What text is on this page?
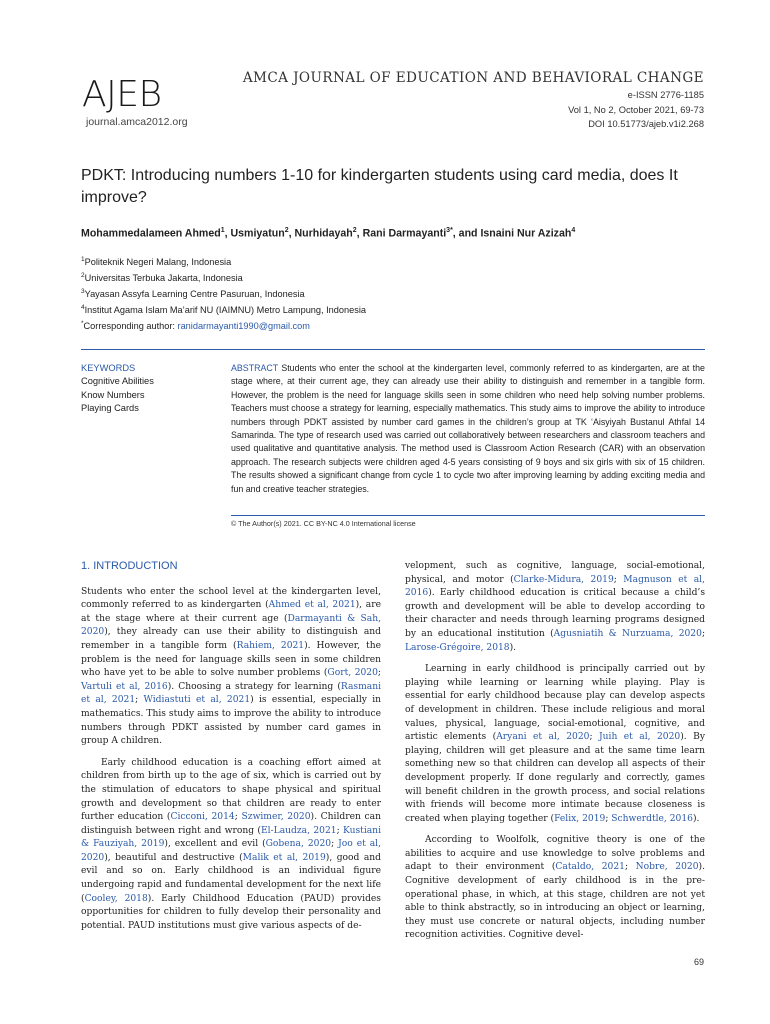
AJEB
journal.amca2012.org
AMCA JOURNAL OF EDUCATION AND BEHAVIORAL CHANGE
e-ISSN 2776-1185
Vol 1, No 2, October 2021, 69-73
DOI 10.51773/ajeb.v1i2.268
PDKT: Introducing numbers 1-10 for kindergarten students using card media, does It improve?
Mohammedalameen Ahmed$^1$, Usmiyatun$^2$, Nurhidayah$^2$, Rani Darmayanti$^{3*}$, and Isnaini Nur Azizah$^4$
$^1$Politeknik Negeri Malang, Indonesia
$^2$Universitas Terbuka Jakarta, Indonesia
$^3$Yayasan Assyfa Learning Centre Pasuruan, Indonesia
$^4$Institut Agama Islam Ma’arif NU (IAIMNU) Metro Lampung, Indonesia
*Corresponding author: ranidarmayanti1990@gmail.com
KEYWORDS
Cognitive Abilities
Know Numbers
Playing Cards
ABSTRACT Students who enter the school at the kindergarten level, commonly referred to as kindergarten, are at the stage where, at their current age, they can already use their ability to distinguish and remember in a tangible form. However, the problem is the need for language skills seen in some children who need help solving number problems. Teachers must choose a strategy for learning, especially mathematics. This study aims to improve the ability to introduce numbers through PDKT assisted by number card games in the children’s group at TK ‘Aisyiyah Bustanul Athfal 14 Samarinda. The type of research used was carried out collaboratively between researchers and classroom teachers and used qualitative and quantitative analysis. The method used is Classroom Action Research (CAR) with an observation approach. The research subjects were children aged 4-5 years consisting of 9 boys and six girls with six of 15 children. The results showed a significant change from cycle 1 to cycle two after improving learning by adding exciting media and fun and creative teacher strategies.
© The Author(s) 2021. CC BY-NC 4.0 International license
1. INTRODUCTION

Students who enter the school level at the kindergarten level, commonly referred to as kindergarten (Ahmed et al, 2021), are at the stage where at their current age (Darmayanti & Sah, 2020), they already can use their ability to distinguish and remember in a tangible form (Rahiem, 2021). However, the problem is the need for language skills seen in some children who have yet to be able to solve number problems (Gort, 2020; Vartuli et al, 2016). Choosing a strategy for learning (Rasmani et al, 2021; Widiastuti et al, 2021) is essential, especially in mathematics. This study aims to improve the ability to introduce numbers through PDKT assisted by number card games in group A children.

Early childhood education is a coaching effort aimed at children from birth up to the age of six, which is carried out by the stimulation of educators to shape physical and spiritual growth and development so that children are ready to enter further education (Cicconi, 2014; Szwimer, 2020). Children can distinguish between right and wrong (El-Laudza, 2021; Kustiani & Fauziyah, 2019), excellent and evil (Gobena, 2020; Joo et al, 2020), beautiful and destructive (Malik et al, 2019), good and evil and so on. Early childhood is an individual figure undergoing rapid and fundamental development for the next life (Cooley, 2018). Early Childhood Education (PAUD) provides opportunities for children to fully develop their personality and potential. PAUD institutions must give various aspects of de-

velopment, such as cognitive, language, social-emotional, physical, and motor (Clarke-Midura, 2019; Magnuson et al, 2016). Early childhood education is critical because a child’s growth and development will be able to develop according to their character and needs through learning programs designed by an educational institution (Agusniatih & Nurzuama, 2020; Larose-Grégoire, 2018).

Learning in early childhood is principally carried out by playing while learning or learning while playing. Play is essential for early childhood because play can develop aspects of development in children. These include religious and moral values, physical, language, social-emotional, cognitive, and artistic elements (Aryani et al, 2020; Juih et al, 2020). By playing, children will get pleasure and at the same time learn something new so that children can develop all aspects of their development properly. If done regularly and correctly, games will benefit children in the growth process, and social relations with friends will become more intimate because closeness is created when playing together (Felix, 2019; Schwerdtle, 2016).

According to Woolfolk, cognitive theory is one of the abilities to acquire and use knowledge to solve problems and adapt to their environment (Cataldo, 2021; Nobre, 2020). Cognitive development of early childhood is in the pre-operational phase, in which, at this stage, children are not yet able to think abstractly, so in introducing an object or learning, they must use concrete or natural objects, including number recognition activities. Cognitive devel-

69
